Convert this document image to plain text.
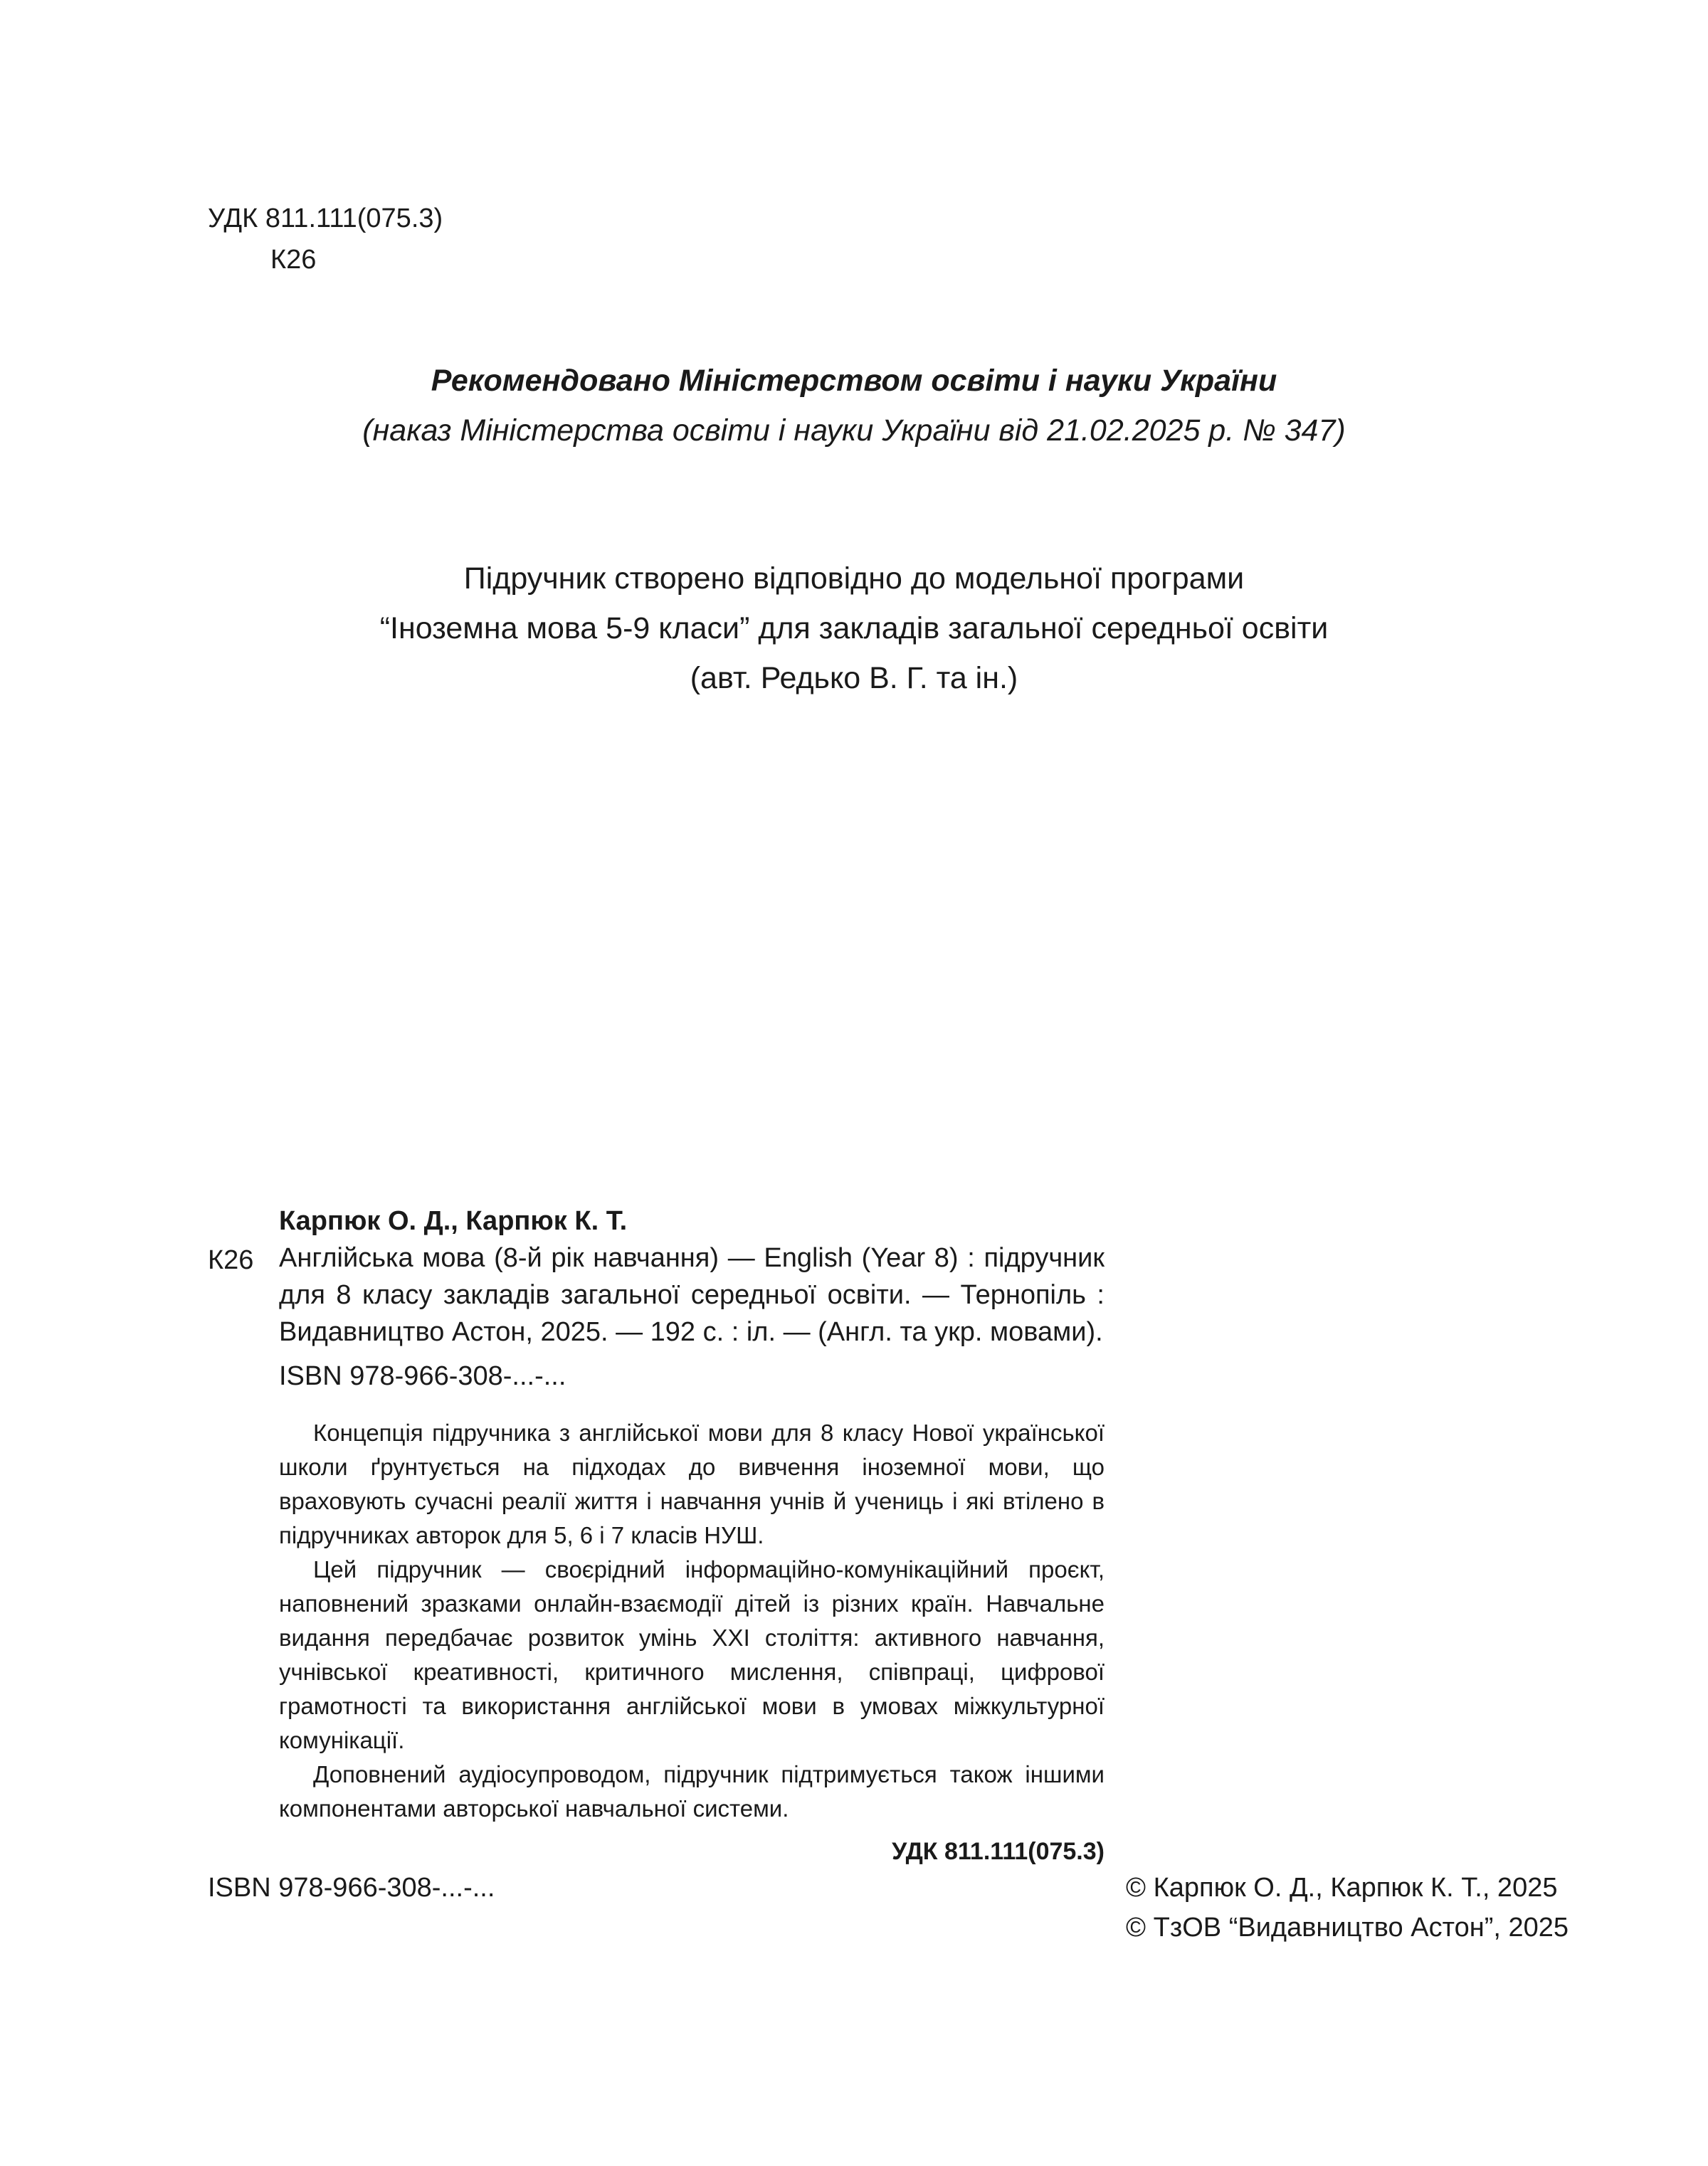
УДК 811.111(075.3)
К26
Рекомендовано Міністерством освіти і науки України
(наказ Міністерства освіти і науки України від 21.02.2025 р. № 347)
Підручник створено відповідно до модельної програми
“Іноземна мова 5-9 класи” для закладів загальної середньої освіти
(авт. Редько В. Г. та ін.)
К26
Карпюк О. Д., Карпюк К. Т.
Англійська мова (8-й рік навчання) — English (Year 8) : підручник для 8 класу закладів загальної середньої освіти. — Тернопіль : Видавництво Астон, 2025. — 192 с. : іл. — (Англ. та укр. мовами).
ISBN 978-966-308-...-...

Концепція підручника з англійської мови для 8 класу Нової української школи ґрунтується на підходах до вивчення іноземної мови, що враховують сучасні реалії життя і навчання учнів й учениць і які втілено в підручниках авторок для 5, 6 і 7 класів НУШ.

Цей підручник — своєрідний інформаційно-комунікаційний проєкт, наповнений зразками онлайн-взаємодії дітей із різних країн. Навчальне видання передбачає розвиток умінь XXI століття: активного навчання, учнівської креативності, критичного мислення, співпраці, цифрової грамотності та використання англійської мови в умовах міжкультурної комунікації.

Доповнений аудіосупроводом, підручник підтримується також іншими компонентами авторської навчальної системи.

УДК 811.111(075.3)
ISBN 978-966-308-...-...	© Карпюк О. Д., Карпюк К. Т., 2025
© ТзОВ “Видавництво Астон”, 2025
